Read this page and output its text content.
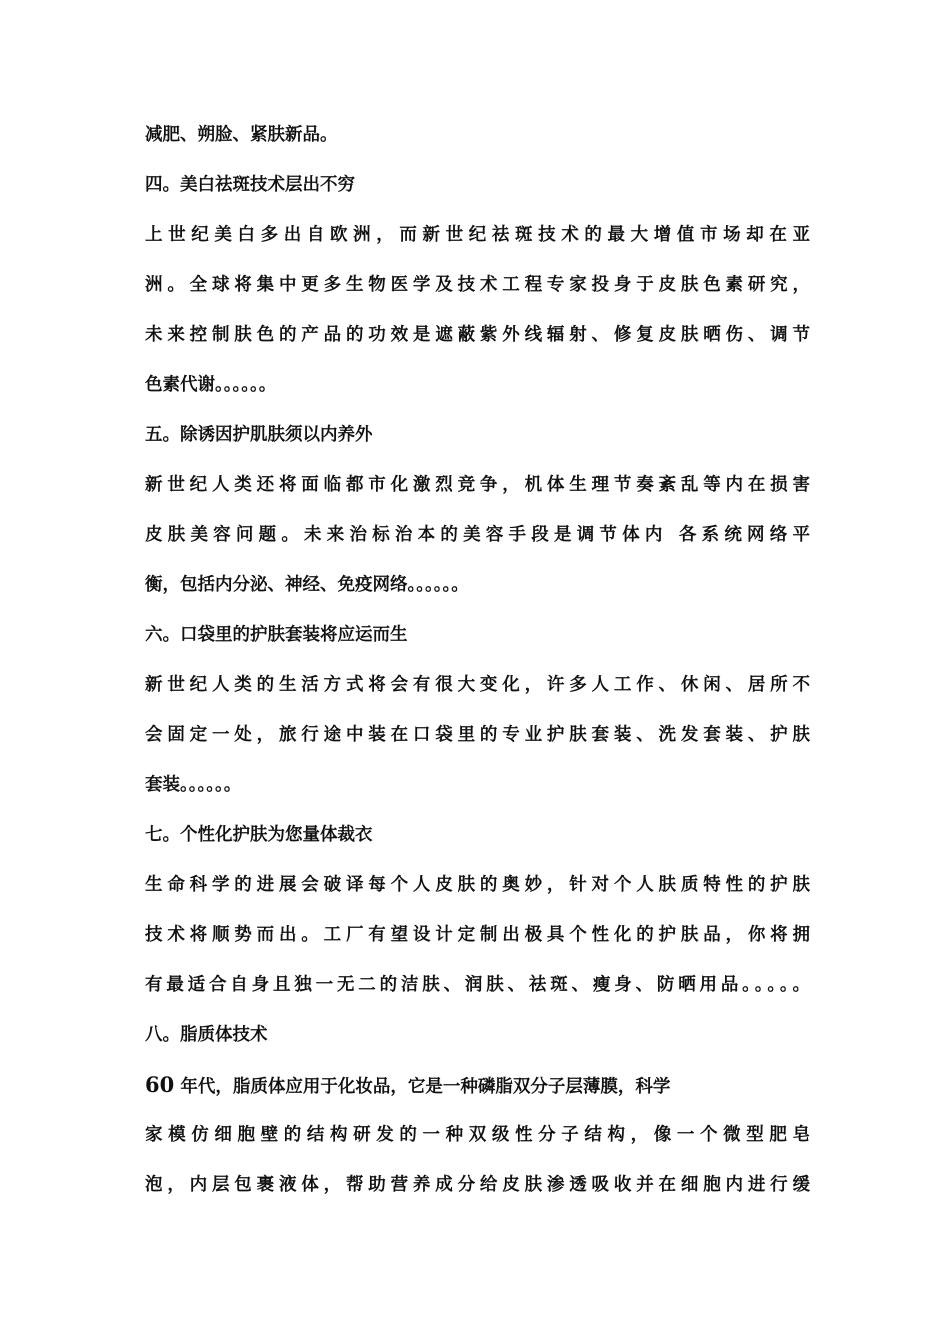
减肥、朔脸、紧肤新品。
四。美白祛斑技术层出不穷
上世纪美白多出自欧洲，而新世纪祛斑技术的最大增值市场却在亚
洲。全球将集中更多生物医学及技术工程专家投身于皮肤色素研究，
未来控制肤色的产品的功效是遮蔽紫外线辐射、修复皮肤晒伤、调节
色素代谢。。。。。。
五。除诱因护肌肤须以内养外
新世纪人类还将面临都市化激烈竞争，机体生理节奏紊乱等内在损害
皮肤美容问题。未来治标治本的美容手段是调节体内 各系统网络平
衡，包括内分泌、神经、免疫网络。。。。。。
六。口袋里的护肤套装将应运而生
新世纪人类的生活方式将会有很大变化，许多人工作、休闲、居所不
会固定一处，旅行途中装在口袋里的专业护肤套装、洗发套装、护肤
套装。。。。。。
七。个性化护肤为您量体裁衣
生命科学的进展会破译每个人皮肤的奥妙，针对个人肤质特性的护肤
技术将顺势而出。工厂有望设计定制出极具个性化的护肤品，你将拥
有最适合自身且独一无二的洁肤、润肤、祛斑、瘦身、防晒用品。。。。。
八。脂质体技术
60 年代，脂质体应用于化妆品，它是一种磷脂双分子层薄膜，科学
家模仿细胞壁的结构研发的一种双级性分子结构，像一个微型肥皂
泡，内层包裹液体，帮助营养成分给皮肤渗透吸收并在细胞内进行缓
